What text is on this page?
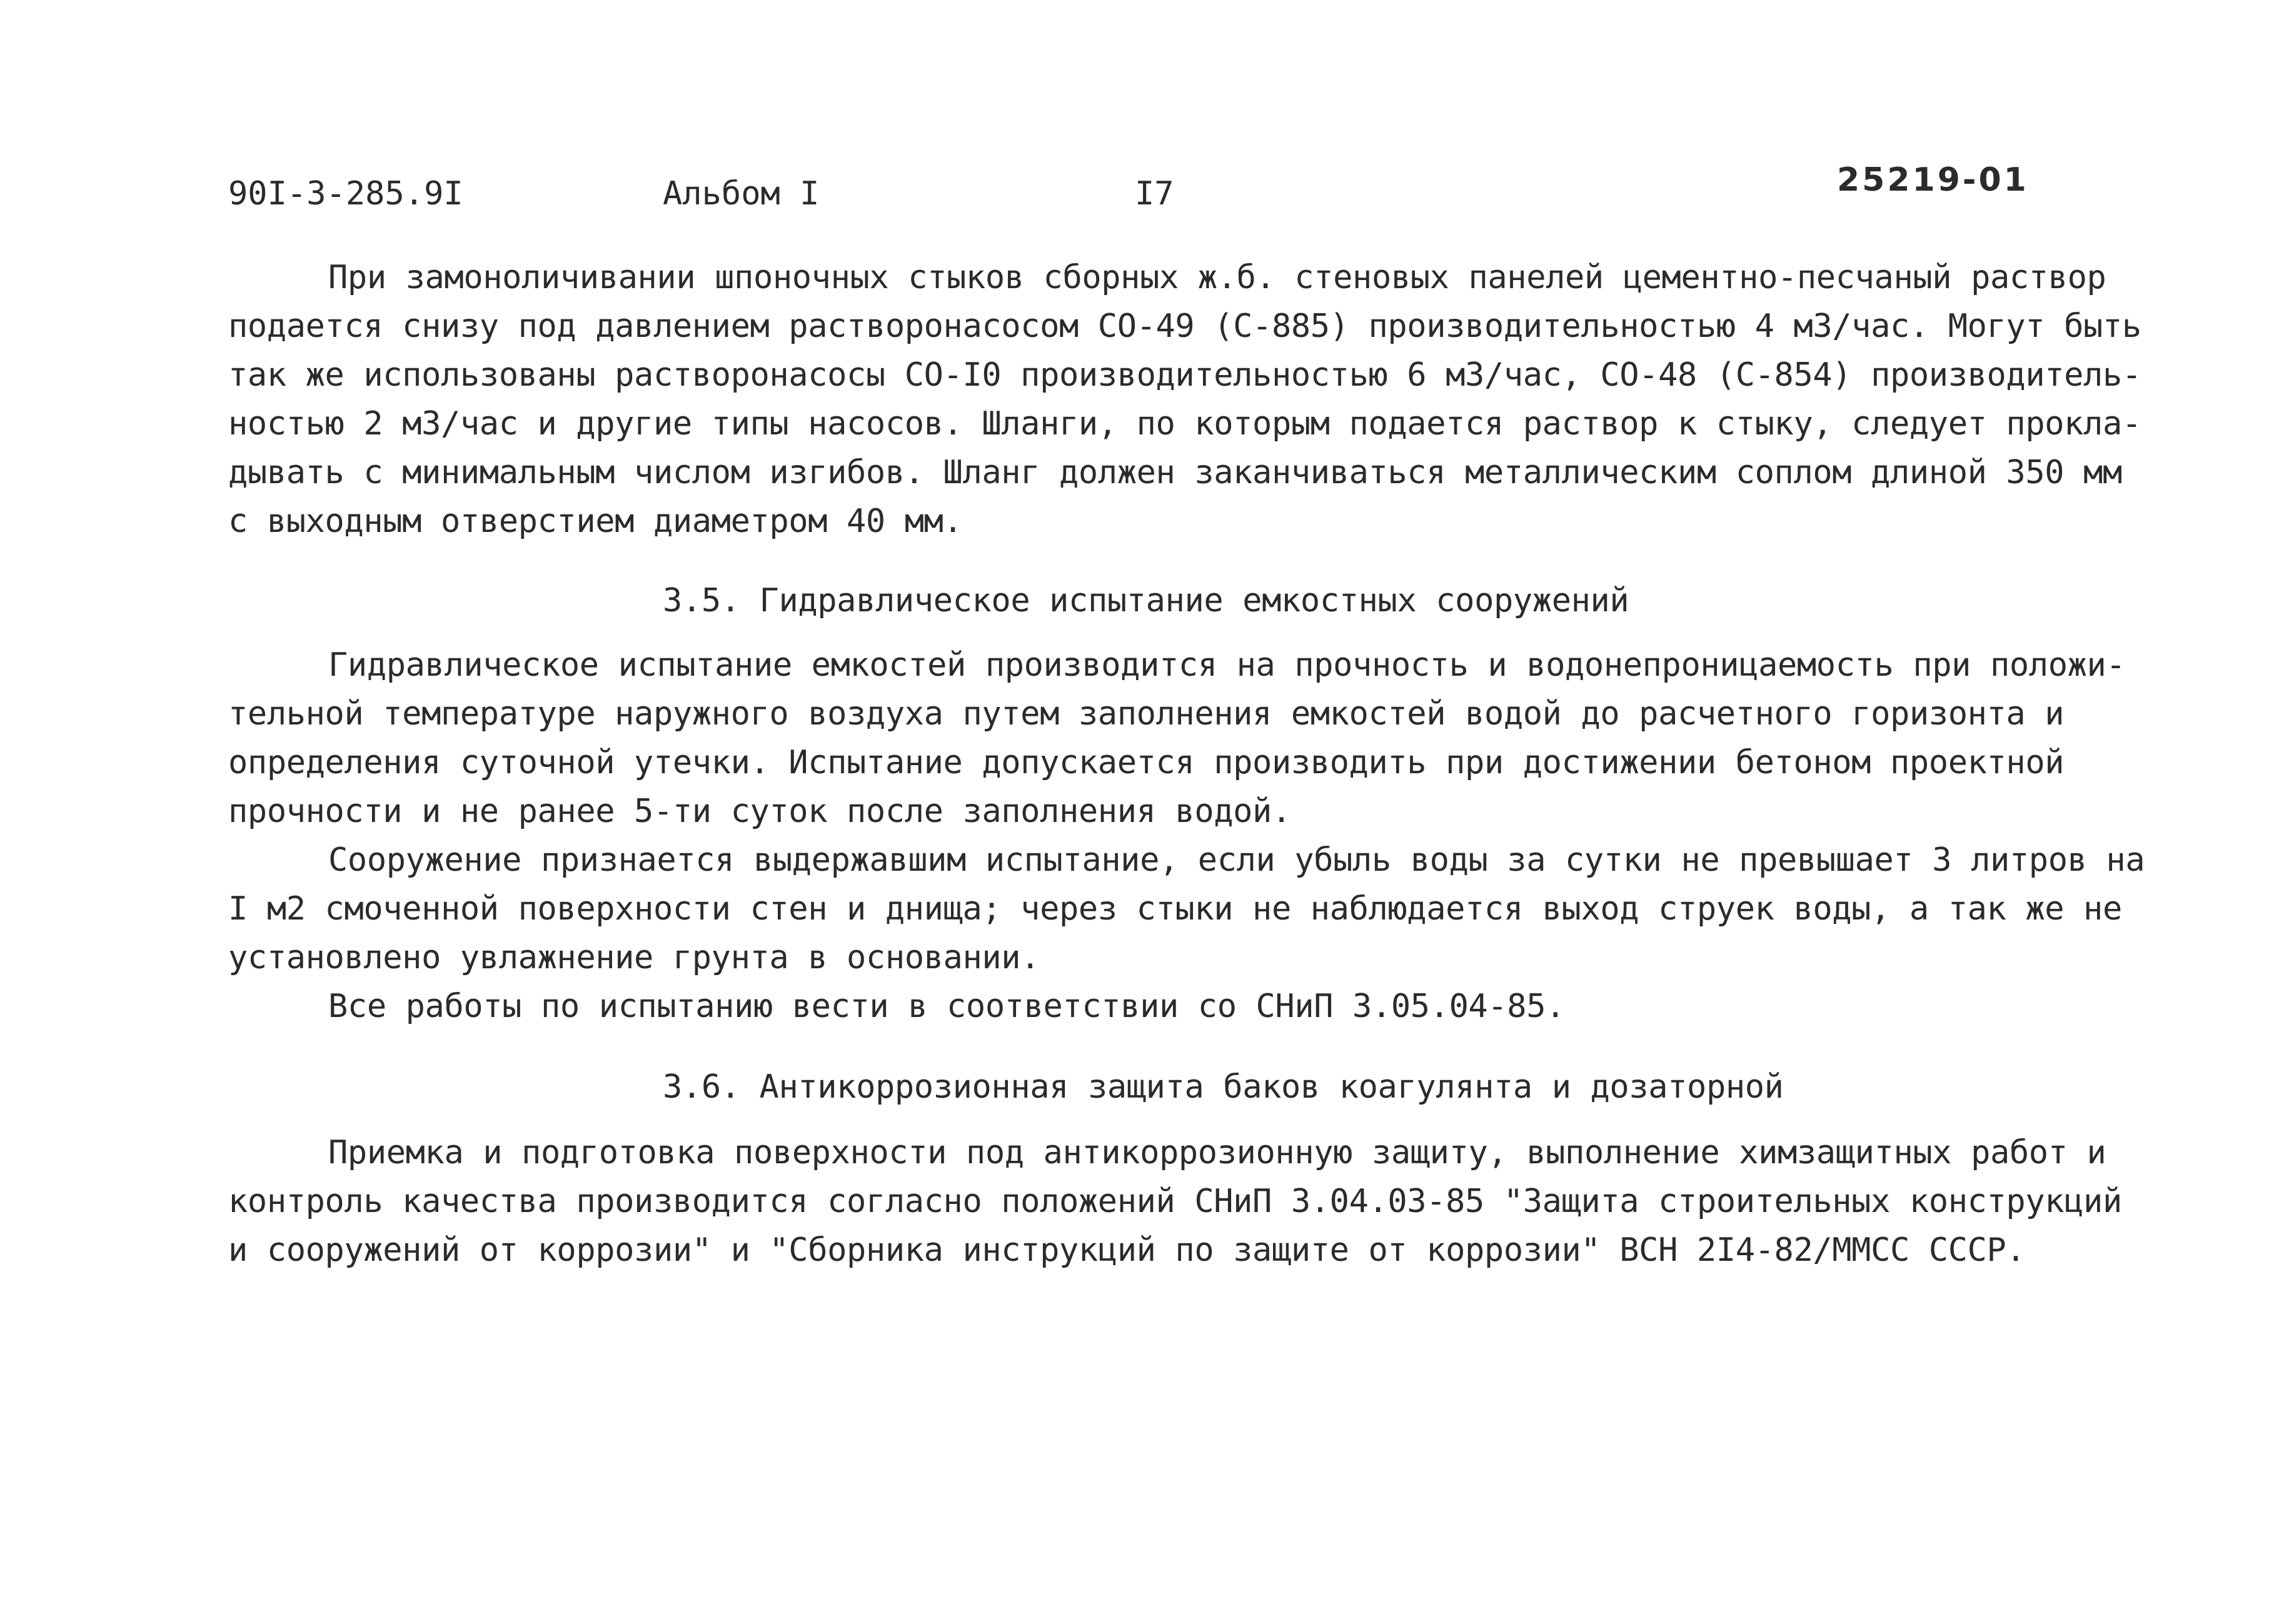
90I-3-285.9I	Альбом I	I7	25219-01
При замоноличивании шпоночных стыков сборных ж.б. стеновых панелей цементно-песчаный раствор
подается снизу под давлением растворонасосом СО-49 (С-885) производительностью 4 м3/час. Могут быть
так же использованы растворонасосы СО-I0 производительностью 6 м3/час, СО-48 (С-854) производитель-
ностью 2 м3/час и другие типы насосов. Шланги, по которым подается раствор к стыку, следует прокла-
дывать с минимальным числом изгибов. Шланг должен заканчиваться металлическим соплом длиной 350 мм
с выходным отверстием диаметром 40 мм.
3.5. Гидравлическое испытание емкостных сооружений
Гидравлическое испытание емкостей производится на прочность и водонепроницаемость при положи-
тельной температуре наружного воздуха путем заполнения емкостей водой до расчетного горизонта и
определения суточной утечки. Испытание допускается производить при достижении бетоном проектной
прочности и не ранее 5-ти суток после заполнения водой.
Сооружение признается выдержавшим испытание, если убыль воды за сутки не превышает 3 литров на
I м2 смоченной поверхности стен и днища; через стыки не наблюдается выход струек воды, а так же не
установлено увлажнение грунта в основании.
Все работы по испытанию вести в соответствии со СНиП 3.05.04-85.
3.6. Антикоррозионная защита баков коагулянта и дозаторной
Приемка и подготовка поверхности под антикоррозионную защиту, выполнение химзащитных работ и
контроль качества производится согласно положений СНиП 3.04.03-85 "Защита строительных конструкций
и сооружений от коррозии" и "Сборника инструкций по защите от коррозии" ВСН 2I4-82/ММСС СССР.
